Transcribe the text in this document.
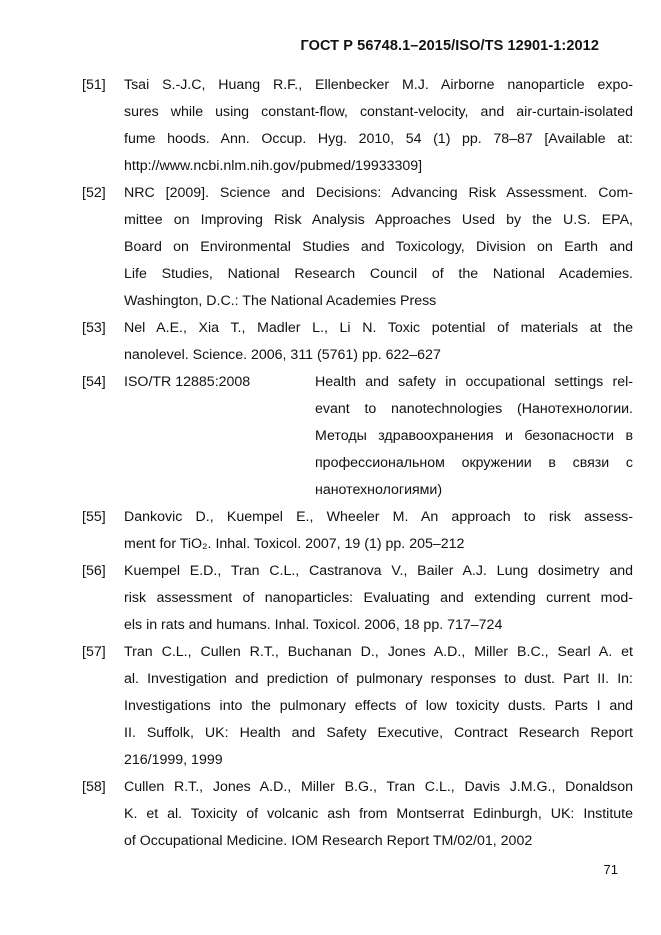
ГОСТ Р 56748.1–2015/ISO/TS 12901-1:2012
[51]	Tsai S.-J.C, Huang R.F., Ellenbecker M.J. Airborne nanoparticle expo-
sures while using constant-flow, constant-velocity, and air-curtain-isolated
fume hoods. Ann. Occup. Hyg. 2010, 54 (1) pp. 78–87 [Available at:
http://www.ncbi.nlm.nih.gov/pubmed/19933309]
[52]	NRC [2009]. Science and Decisions: Advancing Risk Assessment. Com-
mittee on Improving Risk Analysis Approaches Used by the U.S. EPA,
Board on Environmental Studies and Toxicology, Division on Earth and
Life Studies, National Research Council of the National Academies.
Washington, D.C.: The National Academies Press
[53]	Nel A.E., Xia T., Madler L., Li N. Toxic potential of materials at the
nanolevel. Science. 2006, 311 (5761) pp. 622–627
[54]	ISO/TR 12885:2008	Health and safety in occupational settings rel-
evant to nanotechnologies (Нанотехнологии.
Методы здравоохранения и безопасности в
профессиональном окружении в связи с
нанотехнологиями)
[55]	Dankovic D., Kuempel E., Wheeler M. An approach to risk assess-
ment for TiO₂. Inhal. Toxicol. 2007, 19 (1) pp. 205–212
[56]	Kuempel E.D., Tran C.L., Castranova V., Bailer A.J. Lung dosimetry and
risk assessment of nanoparticles: Evaluating and extending current mod-
els in rats and humans. Inhal. Toxicol. 2006, 18 pp. 717–724
[57]	Tran C.L., Cullen R.T., Buchanan D., Jones A.D., Miller B.C., Searl A. et
al. Investigation and prediction of pulmonary responses to dust. Part II. In:
Investigations into the pulmonary effects of low toxicity dusts. Parts I and
II. Suffolk, UK: Health and Safety Executive, Contract Research Report
216/1999, 1999
[58]	Cullen R.T., Jones A.D., Miller B.G., Tran C.L., Davis J.M.G., Donaldson
K. et al. Toxicity of volcanic ash from Montserrat Edinburgh, UK: Institute
of Occupational Medicine. IOM Research Report TM/02/01, 2002
71
